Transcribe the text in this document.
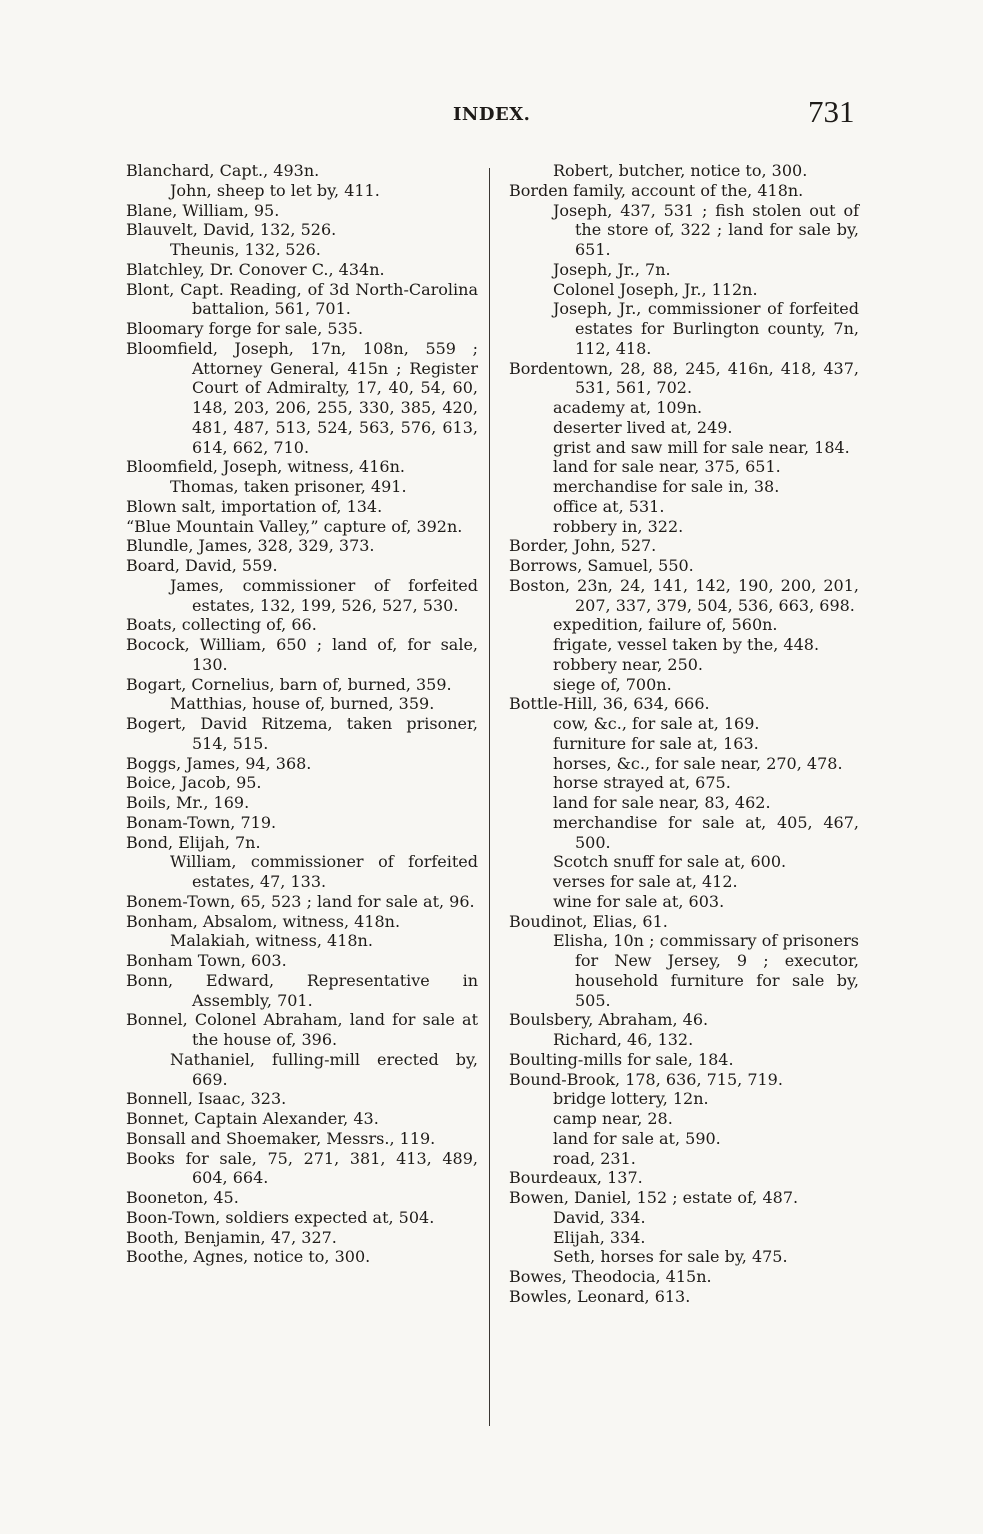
INDEX.	731

Blanchard, Capt., 493n.

John, sheep to let by, 411.

Blane, William, 95.

Blauvelt, David, 132, 526.

Theunis, 132, 526.

Blatchley, Dr. Conover C., 434n.

Blont, Capt. Reading, of 3d North-Carolina battalion, 561, 701.

Bloomary forge for sale, 535.

Bloomfield, Joseph, 17n, 108n, 559 ; Attorney General, 415n ; Register Court of Admiralty, 17, 40, 54, 60, 148, 203, 206, 255, 330, 385, 420, 481, 487, 513, 524, 563, 576, 613, 614, 662, 710.

Bloomfield, Joseph, witness, 416n.

Thomas, taken prisoner, 491.

Blown salt, importation of, 134.

“Blue Mountain Valley,” capture of, 392n.

Blundle, James, 328, 329, 373.

Board, David, 559.

James, commissioner of forfeited estates, 132, 199, 526, 527, 530.

Boats, collecting of, 66.

Bocock, William, 650 ; land of, for sale, 130.

Bogart, Cornelius, barn of, burned, 359.

Matthias, house of, burned, 359.

Bogert, David Ritzema, taken prisoner, 514, 515.

Boggs, James, 94, 368.

Boice, Jacob, 95.

Boils, Mr., 169.

Bonam-Town, 719.

Bond, Elijah, 7n.

William, commissioner of forfeited estates, 47, 133.

Bonem-Town, 65, 523 ; land for sale at, 96.

Bonham, Absalom, witness, 418n.

Malakiah, witness, 418n.

Bonham Town, 603.

Bonn, Edward, Representative in Assembly, 701.

Bonnel, Colonel Abraham, land for sale at the house of, 396.

Nathaniel, fulling-mill erected by, 669.

Bonnell, Isaac, 323.

Bonnet, Captain Alexander, 43.

Bonsall and Shoemaker, Messrs., 119.

Books for sale, 75, 271, 381, 413, 489, 604, 664.

Booneton, 45.

Boon-Town, soldiers expected at, 504.

Booth, Benjamin, 47, 327.

Boothe, Agnes, notice to, 300.

Robert, butcher, notice to, 300.

Borden family, account of the, 418n.

Joseph, 437, 531 ; fish stolen out of the store of, 322 ; land for sale by, 651.

Joseph, Jr., 7n.

Colonel Joseph, Jr., 112n.

Joseph, Jr., commissioner of forfeited estates for Burlington county, 7n, 112, 418.

Bordentown, 28, 88, 245, 416n, 418, 437, 531, 561, 702.

academy at, 109n.

deserter lived at, 249.

grist and saw mill for sale near, 184.

land for sale near, 375, 651.

merchandise for sale in, 38.

office at, 531.

robbery in, 322.

Border, John, 527.

Borrows, Samuel, 550.

Boston, 23n, 24, 141, 142, 190, 200, 201, 207, 337, 379, 504, 536, 663, 698.

expedition, failure of, 560n.

frigate, vessel taken by the, 448.

robbery near, 250.

siege of, 700n.

Bottle-Hill, 36, 634, 666.

cow, &c., for sale at, 169.

furniture for sale at, 163.

horses, &c., for sale near, 270, 478.

horse strayed at, 675.

land for sale near, 83, 462.

merchandise for sale at, 405, 467, 500.

Scotch snuff for sale at, 600.

verses for sale at, 412.

wine for sale at, 603.

Boudinot, Elias, 61.

Elisha, 10n ; commissary of prisoners for New Jersey, 9 ; executor, household furniture for sale by, 505.

Boulsbery, Abraham, 46.

Richard, 46, 132.

Boulting-mills for sale, 184.

Bound-Brook, 178, 636, 715, 719.

bridge lottery, 12n.

camp near, 28.

land for sale at, 590.

road, 231.

Bourdeaux, 137.

Bowen, Daniel, 152 ; estate of, 487.

David, 334.

Elijah, 334.

Seth, horses for sale by, 475.

Bowes, Theodocia, 415n.

Bowles, Leonard, 613.
